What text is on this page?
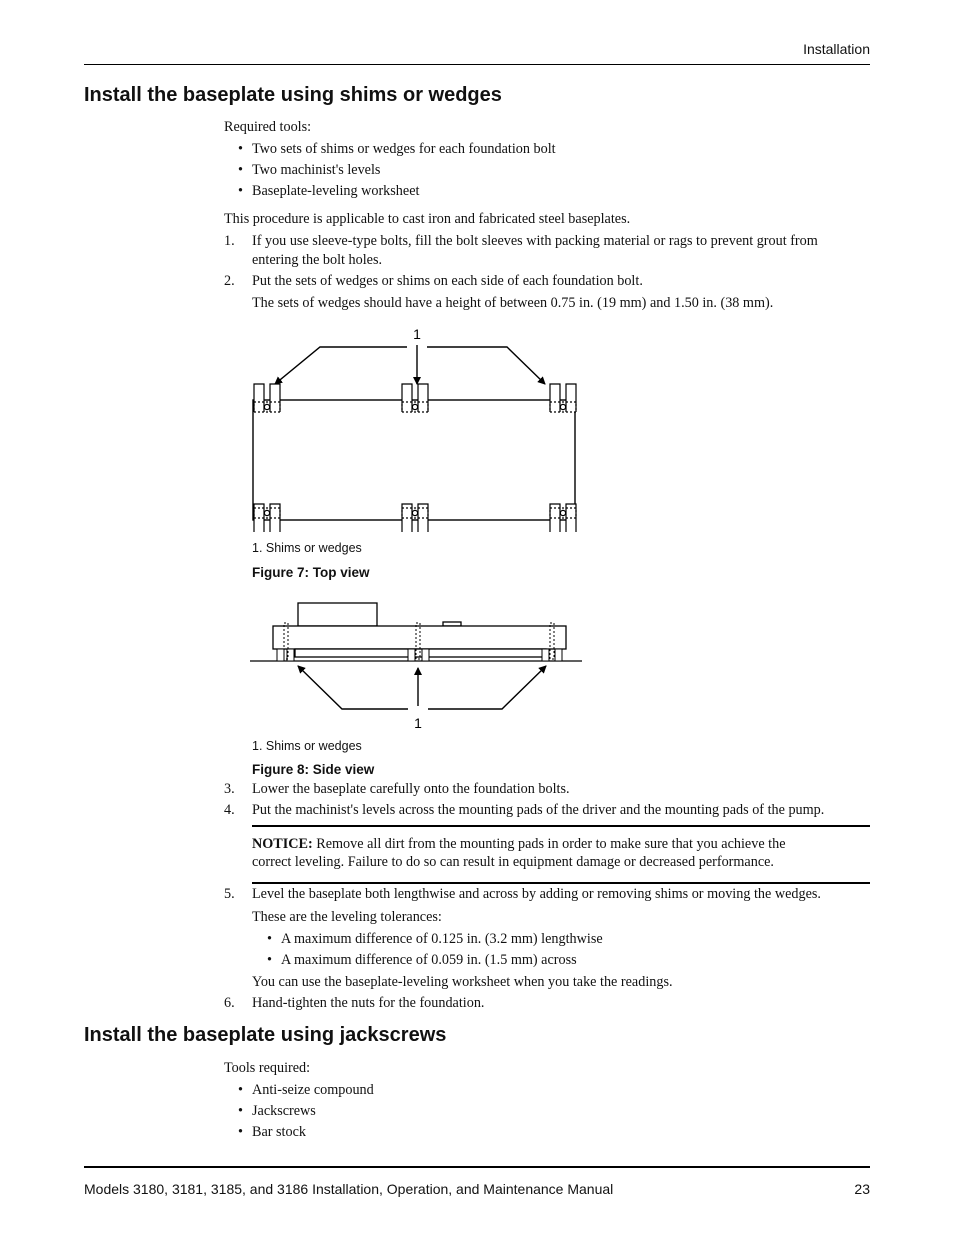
Installation
Install the baseplate using shims or wedges
Required tools:
• Two sets of shims or wedges for each foundation bolt
• Two machinist's levels
• Baseplate-leveling worksheet
This procedure is applicable to cast iron and fabricated steel baseplates.
1.	If you use sleeve-type bolts, fill the bolt sleeves with packing material or rags to prevent grout from
entering the bolt holes.
2.	Put the sets of wedges or shims on each side of each foundation bolt.
The sets of wedges should have a height of between 0.75 in. (19 mm) and 1.50 in. (38 mm).
1
1. Shims or wedges
Figure 7: Top view
1
1. Shims or wedges
Figure 8: Side view
3.	Lower the baseplate carefully onto the foundation bolts.
4.	Put the machinist's levels across the mounting pads of the driver and the mounting pads of the pump.
NOTICE: Remove all dirt from the mounting pads in order to make sure that you achieve the
correct leveling. Failure to do so can result in equipment damage or decreased performance.
5.	Level the baseplate both lengthwise and across by adding or removing shims or moving the wedges.
These are the leveling tolerances:
• A maximum difference of 0.125 in. (3.2 mm) lengthwise
• A maximum difference of 0.059 in. (1.5 mm) across
You can use the baseplate-leveling worksheet when you take the readings.
6.	Hand-tighten the nuts for the foundation.
Install the baseplate using jackscrews
Tools required:
• Anti-seize compound
• Jackscrews
• Bar stock
Models 3180, 3181, 3185, and 3186 Installation, Operation, and Maintenance Manual	23
